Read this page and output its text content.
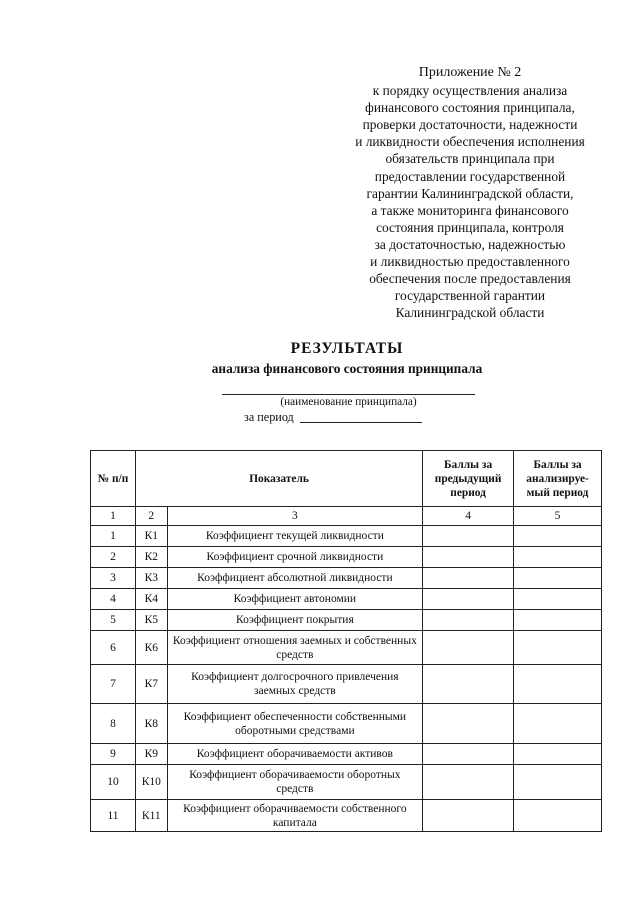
Приложение № 2
к порядку осуществления анализа
финансового состояния принципала,
проверки достаточности, надежности
и ликвидности обеспечения исполнения
обязательств принципала при
предоставлении государственной
гарантии Калининградской области,
а также мониторинга финансового
состояния принципала, контроля
за достаточностью, надежностью
и ликвидностью предоставленного
обеспечения после предоставления
государственной гарантии
Калининградской области
РЕЗУЛЬТАТЫ
анализа финансового состояния принципала
(наименование принципала)
за период
№ п/п	Показатель		Баллы за предыдущий период	Баллы за анализируе- мый период
1	2	3	4	5
1	К1	Коэффициент текущей ликвидности		
2	К2	Коэффициент срочной ликвидности		
3	К3	Коэффициент абсолютной ликвидности		
4	К4	Коэффициент автономии		
5	К5	Коэффициент покрытия		
6	К6	Коэффициент отношения заемных и собственных средств		
7	К7	Коэффициент долгосрочного привлечения заемных средств		
8	К8	Коэффициент обеспеченности собственными оборотными средствами		
9	К9	Коэффициент оборачиваемости активов		
10	К10	Коэффициент оборачиваемости оборотных средств		
11	К11	Коэффициент оборачиваемости собственного капитала		
